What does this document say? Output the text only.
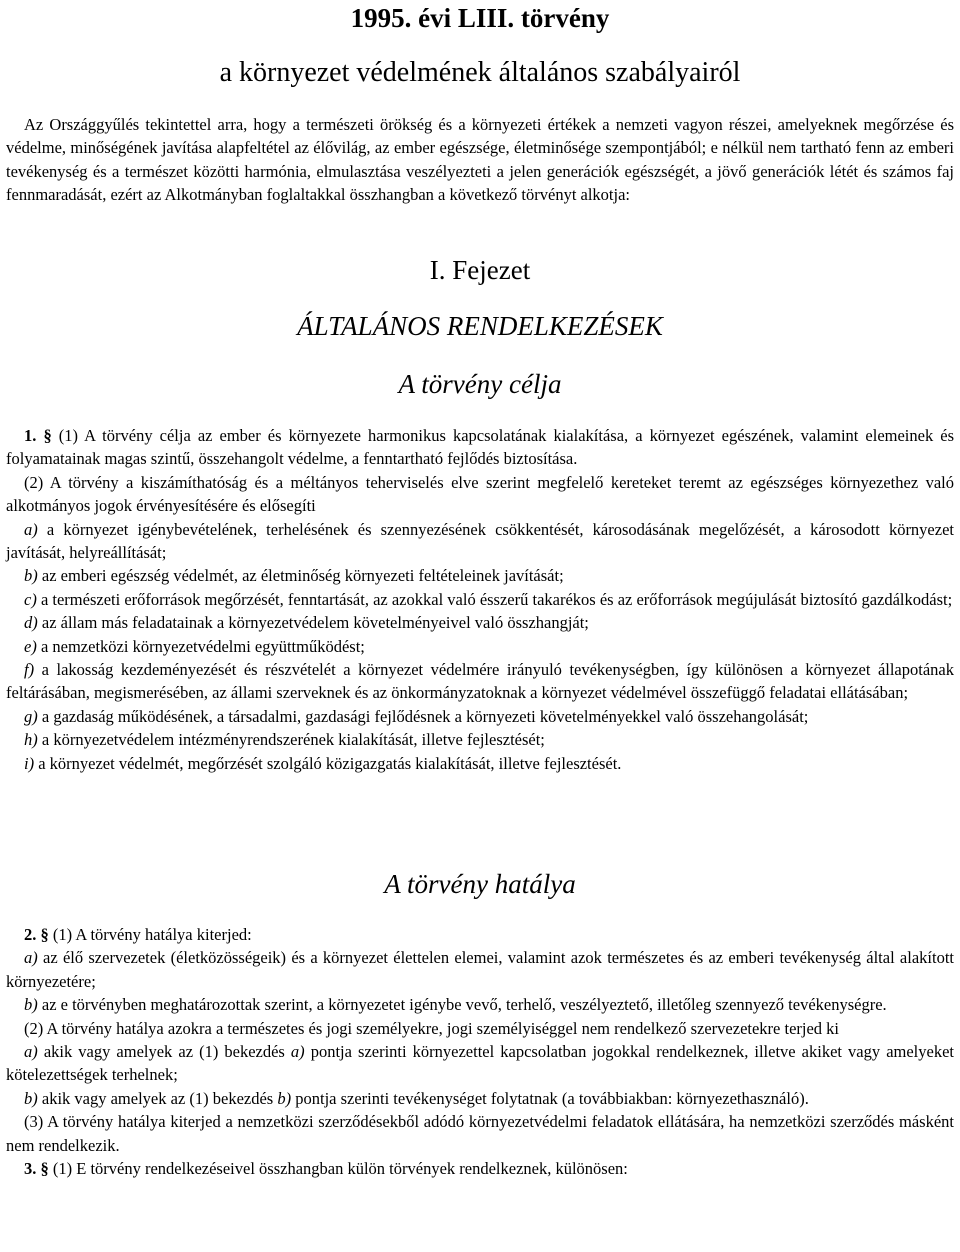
1995. évi LIII. törvény
a környezet védelmének általános szabályairól

Az Országgyűlés tekintettel arra, hogy a természeti örökség és a környezeti értékek a nemzeti vagyon részei, amelyeknek megőrzése és védelme, minőségének javítása alapfeltétel az élővilág, az ember egészsége, életminősége szempontjából; e nélkül nem tartható fenn az emberi tevékenység és a természet közötti harmónia, elmulasztása veszélyezteti a jelen generációk egészségét, a jövő generációk létét és számos faj fennmaradását, ezért az Alkotmányban foglaltakkal összhangban a következő törvényt alkotja:

I. Fejezet
ÁLTALÁNOS RENDELKEZÉSEK
A törvény célja

1. § (1) A törvény célja az ember és környezete harmonikus kapcsolatának kialakítása, a környezet egészének, valamint elemeinek és folyamatainak magas szintű, összehangolt védelme, a fenntartható fejlődés biztosítása.

(2) A törvény a kiszámíthatóság és a méltányos teherviselés elve szerint megfelelő kereteket teremt az egészséges környezethez való alkotmányos jogok érvényesítésére és elősegíti

a) a környezet igénybevételének, terhelésének és szennyezésének csökkentését, károsodásának megelőzését, a károsodott környezet javítását, helyreállítását;

b) az emberi egészség védelmét, az életminőség környezeti feltételeinek javítását;

c) a természeti erőforrások megőrzését, fenntartását, az azokkal való ésszerű takarékos és az erőforrások megújulását biztosító gazdálkodást;

d) az állam más feladatainak a környezetvédelem követelményeivel való összhangját;

e) a nemzetközi környezetvédelmi együttműködést;

f) a lakosság kezdeményezését és részvételét a környezet védelmére irányuló tevékenységben, így különösen a környezet állapotának feltárásában, megismerésében, az állami szerveknek és az önkormányzatoknak a környezet védelmével összefüggő feladatai ellátásában;

g) a gazdaság működésének, a társadalmi, gazdasági fejlődésnek a környezeti követelményekkel való összehangolását;

h) a környezetvédelem intézményrendszerének kialakítását, illetve fejlesztését;

i) a környezet védelmét, megőrzését szolgáló közigazgatás kialakítását, illetve fejlesztését.

A törvény hatálya

2. § (1) A törvény hatálya kiterjed:

a) az élő szervezetek (életközösségeik) és a környezet élettelen elemei, valamint azok természetes és az emberi tevékenység által alakított környezetére;

b) az e törvényben meghatározottak szerint, a környezetet igénybe vevő, terhelő, veszélyeztető, illetőleg szennyező tevékenységre.

(2) A törvény hatálya azokra a természetes és jogi személyekre, jogi személyiséggel nem rendelkező szervezetekre terjed ki

a) akik vagy amelyek az (1) bekezdés a) pontja szerinti környezettel kapcsolatban jogokkal rendelkeznek, illetve akiket vagy amelyeket kötelezettségek terhelnek;

b) akik vagy amelyek az (1) bekezdés b) pontja szerinti tevékenységet folytatnak (a továbbiakban: környezethasználó).

(3) A törvény hatálya kiterjed a nemzetközi szerződésekből adódó környezetvédelmi feladatok ellátására, ha nemzetközi szerződés másként nem rendelkezik.

3. § (1) E törvény rendelkezéseivel összhangban külön törvények rendelkeznek, különösen:
